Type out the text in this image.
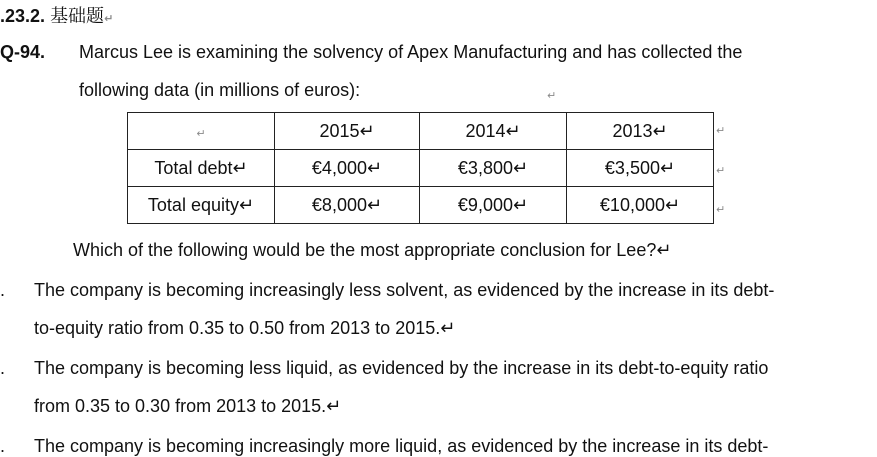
.23.2. 基础题↵
Q-94. Marcus Lee is examining the solvency of Apex Manufacturing and has collected the
following data (in millions of euros):	↵
↵	2015↵	2014↵	2013↵
Total debt↵	€4,000↵	€3,800↵	€3,500↵
Total equity↵	€8,000↵	€9,000↵	€10,000↵
↵
↵
↵
Which of the following would be the most appropriate conclusion for Lee?↵
. The company is becoming increasingly less solvent, as evidenced by the increase in its debt-
to-equity ratio from 0.35 to 0.50 from 2013 to 2015.↵
. The company is becoming less liquid, as evidenced by the increase in its debt-to-equity ratio
from 0.35 to 0.30 from 2013 to 2015.↵
. The company is becoming increasingly more liquid, as evidenced by the increase in its debt-
